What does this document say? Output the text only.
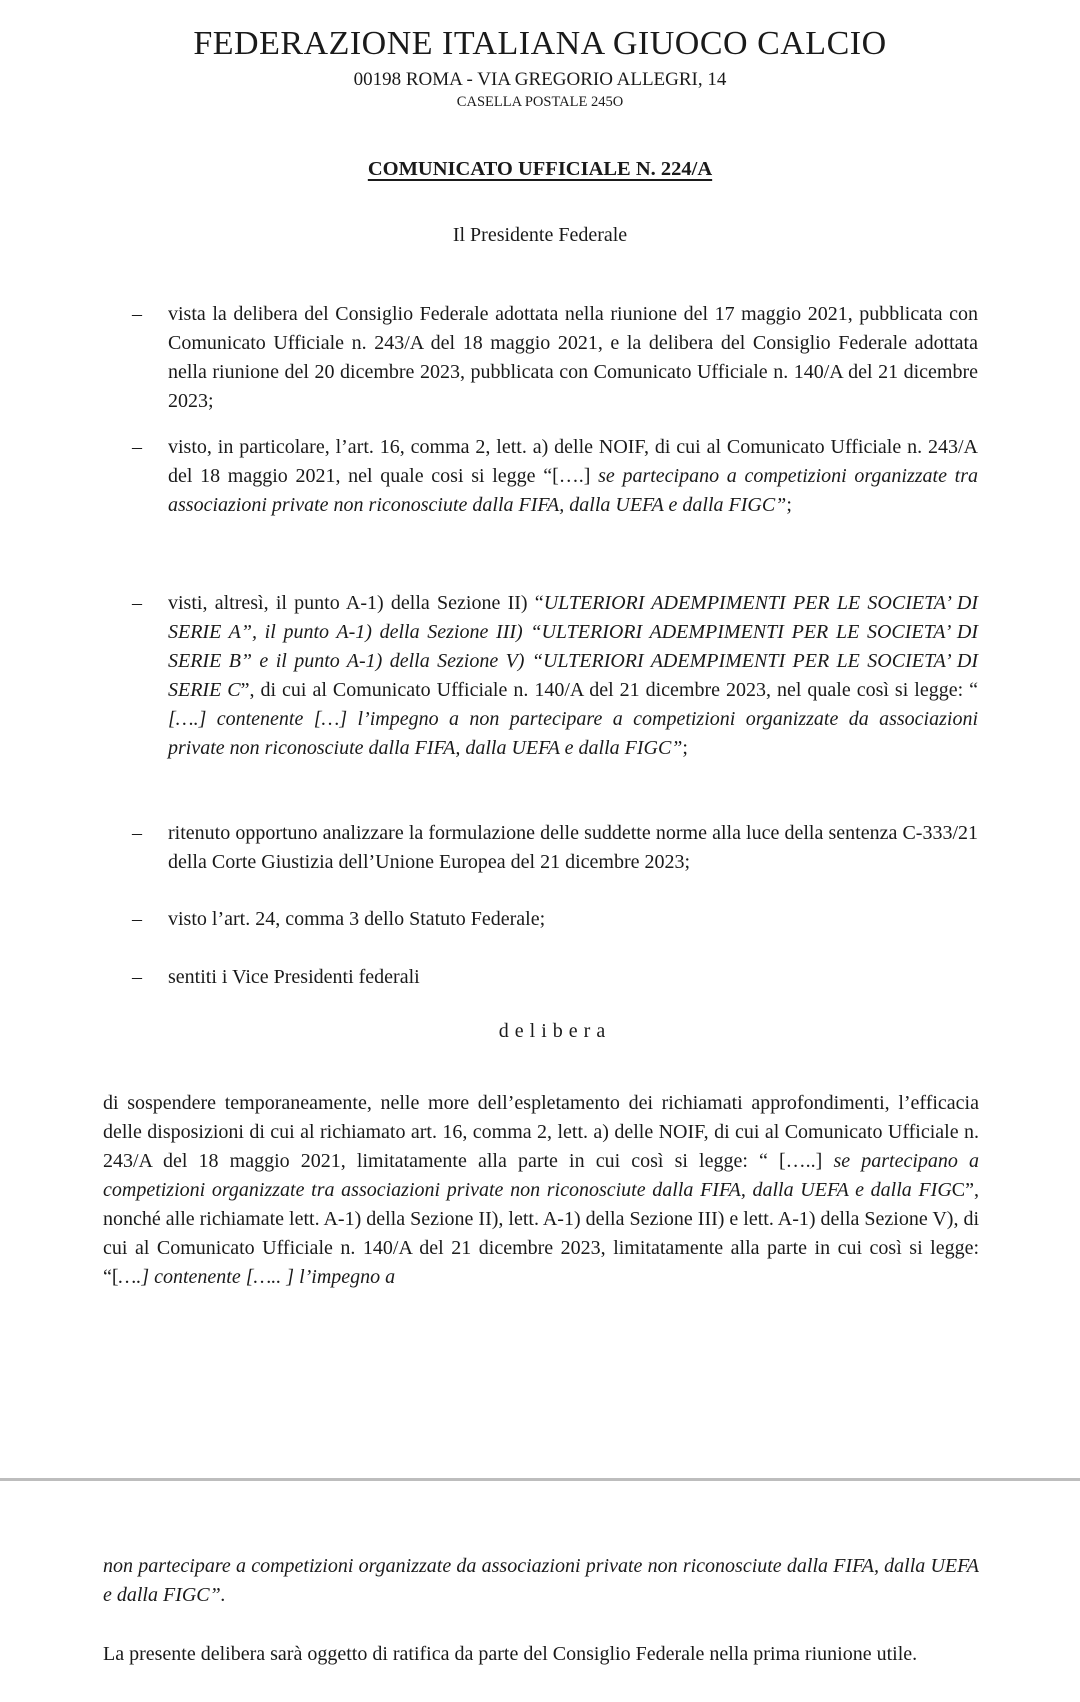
FEDERAZIONE ITALIANA GIUOCO CALCIO
00198 ROMA - VIA GREGORIO ALLEGRI, 14
CASELLA POSTALE 245O
COMUNICATO UFFICIALE N. 224/A
Il Presidente Federale
– vista la delibera del Consiglio Federale adottata nella riunione del 17 maggio 2021, pubblicata con Comunicato Ufficiale n. 243/A del 18 maggio 2021, e la delibera del Consiglio Federale adottata nella riunione del 20 dicembre 2023, pubblicata con Comunicato Ufficiale n. 140/A del 21 dicembre 2023;
– visto, in particolare, l’art. 16, comma 2, lett. a) delle NOIF, di cui al Comunicato Ufficiale n. 243/A del 18 maggio 2021, nel quale cosi si legge “[….] se partecipano a competizioni organizzate tra associazioni private non riconosciute dalla FIFA, dalla UEFA e dalla FIGC”;
– visti, altresì, il punto A-1) della Sezione II) “ULTERIORI ADEMPIMENTI PER LE SOCIETA’ DI SERIE A”, il punto A-1) della Sezione III) “ULTERIORI ADEMPIMENTI PER LE SOCIETA’ DI SERIE B” e il punto A-1) della Sezione V) “ULTERIORI ADEMPIMENTI PER LE SOCIETA’ DI SERIE C”, di cui al Comunicato Ufficiale n. 140/A del 21 dicembre 2023, nel quale così si legge: “ [….] contenente […] l’impegno a non partecipare a competizioni organizzate da associazioni private non riconosciute dalla FIFA, dalla UEFA e dalla FIGC”;
– ritenuto opportuno analizzare la formulazione delle suddette norme alla luce della sentenza C-333/21 della Corte Giustizia dell’Unione Europea del 21 dicembre 2023;
– visto l’art. 24, comma 3 dello Statuto Federale;
– sentiti i Vice Presidenti federali
delibera

di sospendere temporaneamente, nelle more dell’espletamento dei richiamati approfondimenti, l’efficacia delle disposizioni di cui al richiamato art. 16, comma 2, lett. a) delle NOIF, di cui al Comunicato Ufficiale n. 243/A del 18 maggio 2021, limitatamente alla parte in cui così si legge: “ […..] se partecipano a competizioni organizzate tra associazioni private non riconosciute dalla FIFA, dalla UEFA e dalla FIGC”, nonché alle richiamate lett. A-1) della Sezione II), lett. A-1) della Sezione III) e lett. A-1) della Sezione V), di cui al Comunicato Ufficiale n. 140/A del 21 dicembre 2023, limitatamente alla parte in cui così si legge: “[….] contenente [….. ] l’impegno a

non partecipare a competizioni organizzate da associazioni private non riconosciute dalla FIFA, dalla UEFA e dalla FIGC”.

La presente delibera sarà oggetto di ratifica da parte del Consiglio Federale nella prima riunione utile.
